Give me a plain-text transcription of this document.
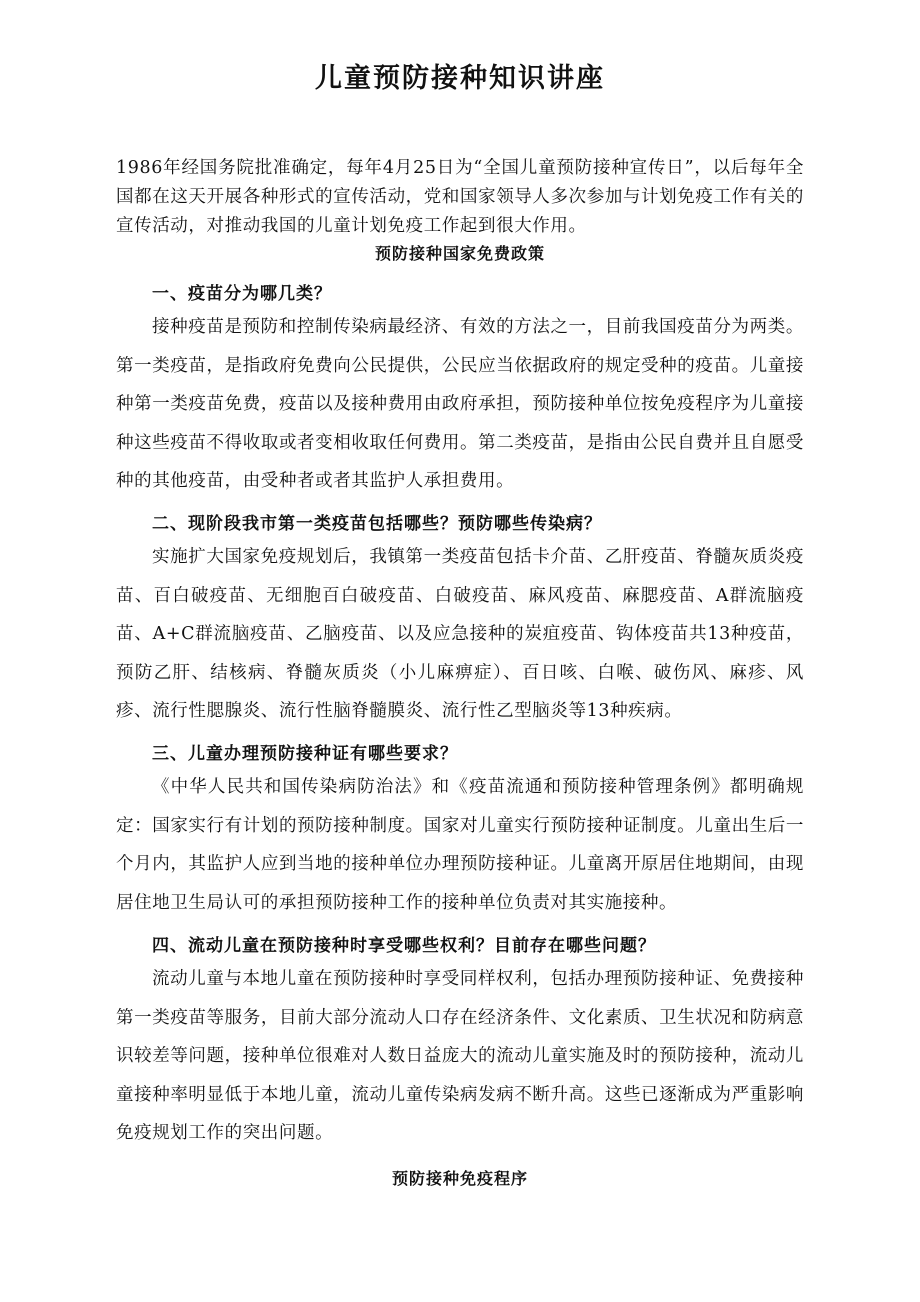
儿童预防接种知识讲座

1986年经国务院批准确定，每年4月25日为“全国儿童预防接种宣传日”，以后每年全国都在这天开展各种形式的宣传活动，党和国家领导人多次参加与计划免疫工作有关的宣传活动，对推动我国的儿童计划免疫工作起到很大作用。

预防接种国家免费政策
一、疫苗分为哪几类？

接种疫苗是预防和控制传染病最经济、有效的方法之一，目前我国疫苗分为两类。第一类疫苗，是指政府免费向公民提供，公民应当依据政府的规定受种的疫苗。儿童接种第一类疫苗免费，疫苗以及接种费用由政府承担，预防接种单位按免疫程序为儿童接种这些疫苗不得收取或者变相收取任何费用。第二类疫苗，是指由公民自费并且自愿受种的其他疫苗，由受种者或者其监护人承担费用。

二、现阶段我市第一类疫苗包括哪些？预防哪些传染病？

实施扩大国家免疫规划后，我镇第一类疫苗包括卡介苗、乙肝疫苗、脊髓灰质炎疫苗、百白破疫苗、无细胞百白破疫苗、白破疫苗、麻风疫苗、麻腮疫苗、A群流脑疫苗、A+C群流脑疫苗、乙脑疫苗、以及应急接种的炭疽疫苗、钩体疫苗共13种疫苗，预防乙肝、结核病、脊髓灰质炎（小儿麻痹症）、百日咳、白喉、破伤风、麻疹、风疹、流行性腮腺炎、流行性脑脊髓膜炎、流行性乙型脑炎等13种疾病。

三、儿童办理预防接种证有哪些要求？

《中华人民共和国传染病防治法》和《疫苗流通和预防接种管理条例》都明确规定：国家实行有计划的预防接种制度。国家对儿童实行预防接种证制度。儿童出生后一个月内，其监护人应到当地的接种单位办理预防接种证。儿童离开原居住地期间，由现居住地卫生局认可的承担预防接种工作的接种单位负责对其实施接种。

四、流动儿童在预防接种时享受哪些权利？目前存在哪些问题？

流动儿童与本地儿童在预防接种时享受同样权利，包括办理预防接种证、免费接种第一类疫苗等服务，目前大部分流动人口存在经济条件、文化素质、卫生状况和防病意识较差等问题，接种单位很难对人数日益庞大的流动儿童实施及时的预防接种，流动儿童接种率明显低于本地儿童，流动儿童传染病发病不断升高。这些已逐渐成为严重影响免疫规划工作的突出问题。

预防接种免疫程序
